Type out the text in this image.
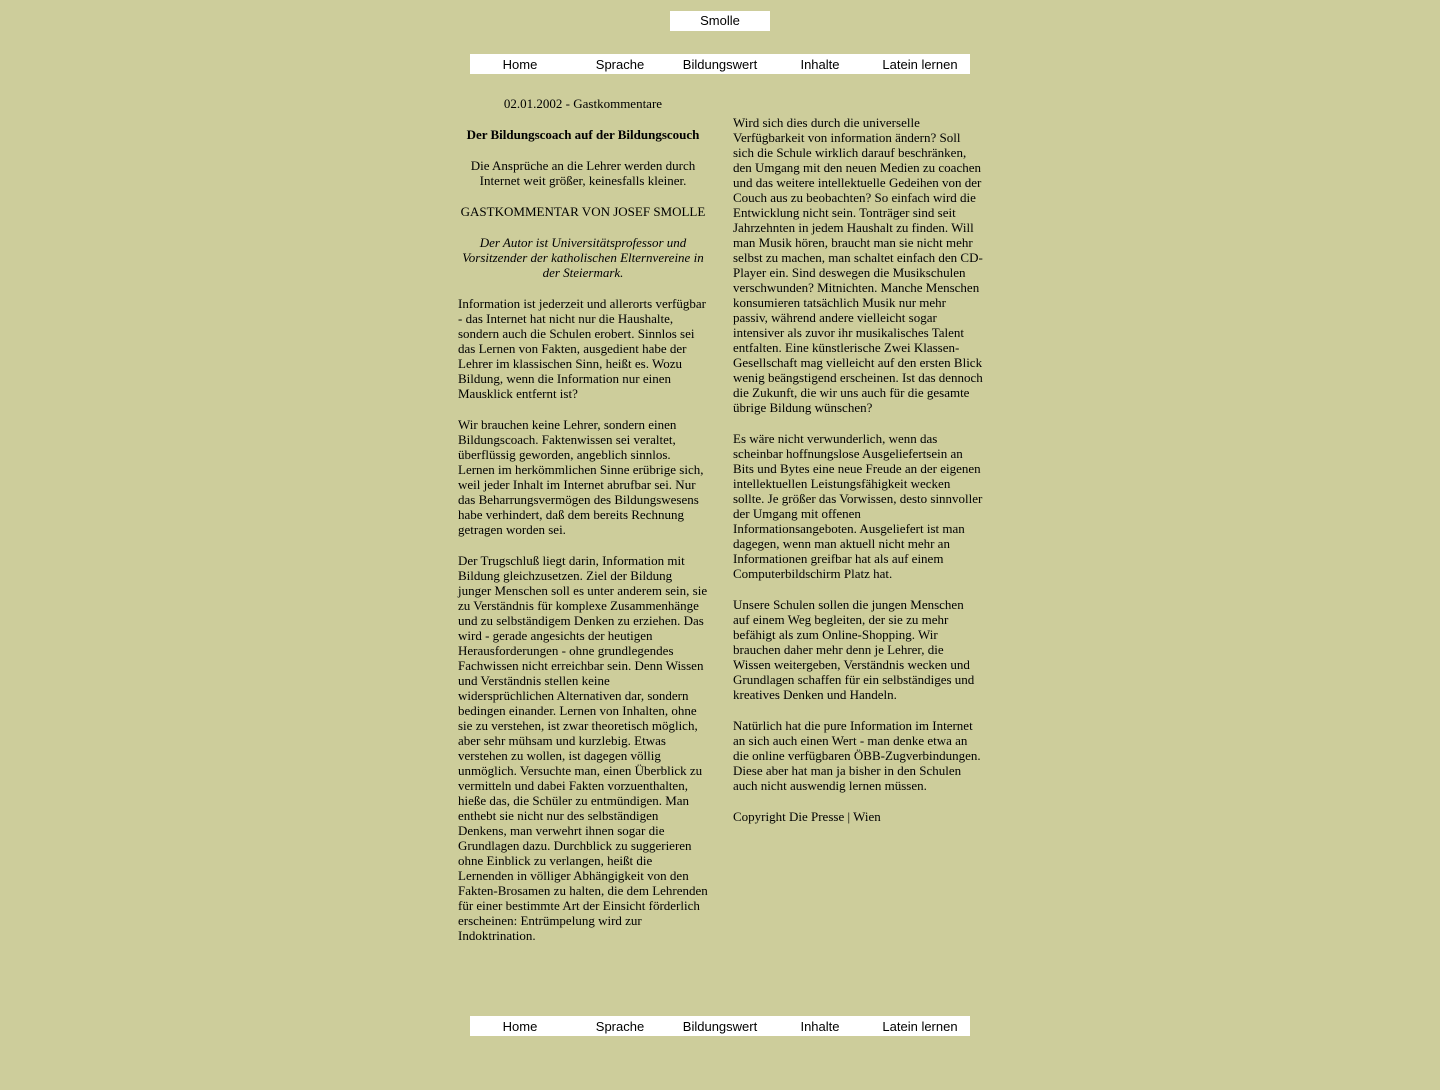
Smolle
Home	Sprache	Bildungswert	Inhalte	Latein lernen

02.01.2002 - Gastkommentare

Der Bildungscoach auf der Bildungscouch

Die Ansprüche an die Lehrer werden durch Internet weit größer, keinesfalls kleiner.

GASTKOMMENTAR VON JOSEF SMOLLE

Der Autor ist Universitätsprofessor und Vorsitzender der katholischen Elternvereine in der Steiermark.

Information ist jederzeit und allerorts verfügbar - das Internet hat nicht nur die Haushalte, sondern auch die Schulen erobert. Sinnlos sei das Lernen von Fakten, ausgedient habe der Lehrer im klassischen Sinn, heißt es. Wozu Bildung, wenn die Information nur einen Mausklick entfernt ist?

Wir brauchen keine Lehrer, sondern einen Bildungscoach. Faktenwissen sei veraltet, überflüssig geworden, angeblich sinnlos. Lernen im herkömmlichen Sinne erübrige sich, weil jeder Inhalt im Internet abrufbar sei. Nur das Beharrungsvermögen des Bildungswesens habe verhindert, daß dem bereits Rechnung getragen worden sei.

Der Trugschluß liegt darin, Information mit Bildung gleichzusetzen. Ziel der Bildung junger Menschen soll es unter anderem sein, sie zu Verständnis für komplexe Zusammenhänge und zu selbständigem Denken zu erziehen. Das wird - gerade angesichts der heutigen Herausforderungen - ohne grundlegendes Fachwissen nicht erreichbar sein. Denn Wissen und Verständnis stellen keine widersprüchlichen Alternativen dar, sondern bedingen einander. Lernen von Inhalten, ohne sie zu verstehen, ist zwar theoretisch möglich, aber sehr mühsam und kurzlebig. Etwas verstehen zu wollen, ist dagegen völlig unmöglich. Versuchte man, einen Überblick zu vermitteln und dabei Fakten vorzuenthalten, hieße das, die Schüler zu entmündigen. Man enthebt sie nicht nur des selbständigen Denkens, man verwehrt ihnen sogar die Grundlagen dazu. Durchblick zu suggerieren ohne Einblick zu verlangen, heißt die Lernenden in völliger Abhängigkeit von den Fakten-Brosamen zu halten, die dem Lehrenden für einer bestimmte Art der Einsicht förderlich erscheinen: Entrümpelung wird zur Indoktrination.

Wird sich dies durch die universelle Verfügbarkeit von information ändern? Soll sich die Schule wirklich darauf beschränken, den Umgang mit den neuen Medien zu coachen und das weitere intellektuelle Gedeihen von der Couch aus zu beobachten? So einfach wird die Entwicklung nicht sein. Tonträger sind seit Jahrzehnten in jedem Haushalt zu finden. Will man Musik hören, braucht man sie nicht mehr selbst zu machen, man schaltet einfach den CD-Player ein. Sind deswegen die Musikschulen verschwunden? Mitnichten. Manche Menschen konsumieren tatsächlich Musik nur mehr passiv, während andere vielleicht sogar intensiver als zuvor ihr musikalisches Talent entfalten. Eine künstlerische Zwei Klassen-Gesellschaft mag vielleicht auf den ersten Blick wenig beängstigend erscheinen. Ist das dennoch die Zukunft, die wir uns auch für die gesamte übrige Bildung wünschen?

Es wäre nicht verwunderlich, wenn das scheinbar hoffnungslose Ausgeliefertsein an Bits und Bytes eine neue Freude an der eigenen intellektuellen Leistungsfähigkeit wecken sollte. Je größer das Vorwissen, desto sinnvoller der Umgang mit offenen Informationsangeboten. Ausgeliefert ist man dagegen, wenn man aktuell nicht mehr an Informationen greifbar hat als auf einem Computerbildschirm Platz hat.

Unsere Schulen sollen die jungen Menschen auf einem Weg begleiten, der sie zu mehr befähigt als zum Online-Shopping. Wir brauchen daher mehr denn je Lehrer, die Wissen weitergeben, Verständnis wecken und Grundlagen schaffen für ein selbständiges und kreatives Denken und Handeln.

Natürlich hat die pure Information im Internet an sich auch einen Wert - man denke etwa an die online verfügbaren ÖBB-Zugverbindungen. Diese aber hat man ja bisher in den Schulen auch nicht auswendig lernen müssen.

Copyright Die Presse | Wien

Home	Sprache	Bildungswert	Inhalte	Latein lernen
